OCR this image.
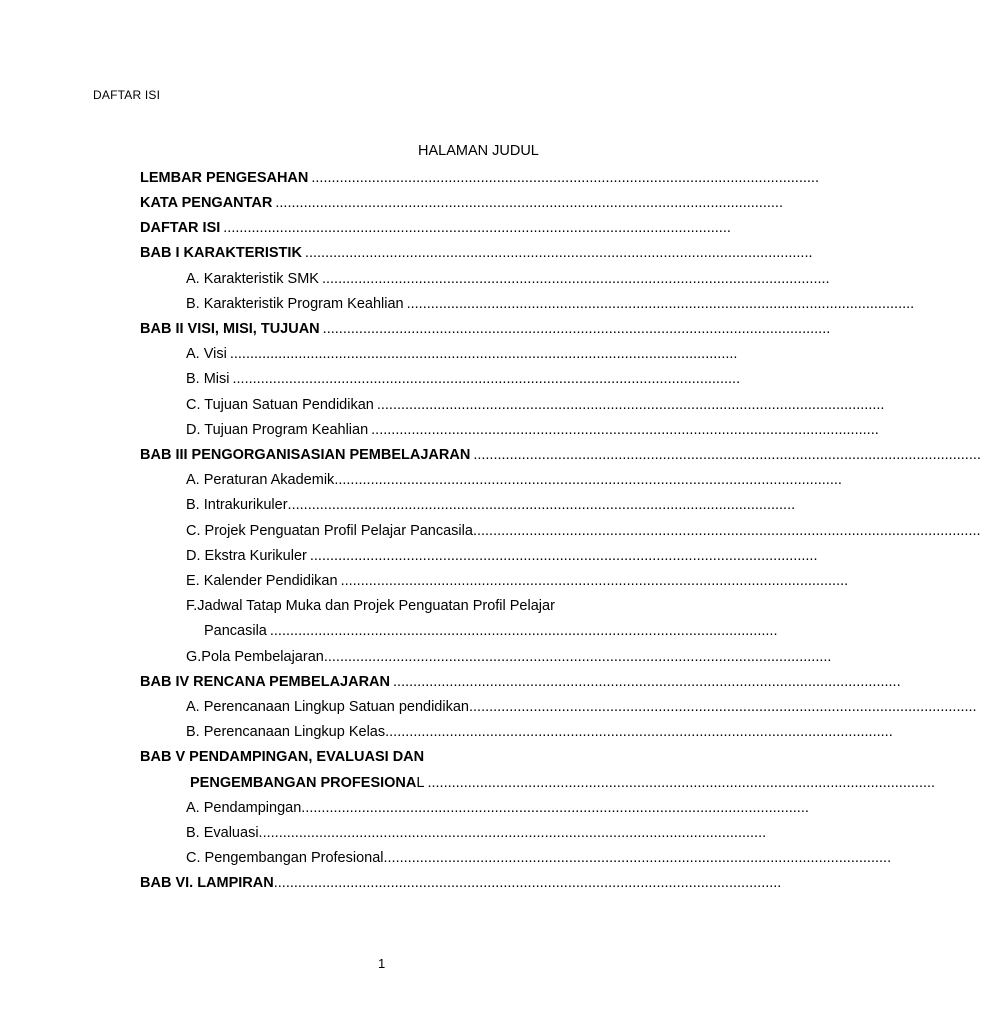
DAFTAR ISI
HALAMAN JUDUL
LEMBAR PENGESAHAN ..............................................................................................................................
KATA PENGANTAR ..............................................................................................................................
DAFTAR ISI ..............................................................................................................................
BAB I KARAKTERISTIK ..............................................................................................................................
A. Karakteristik SMK ..............................................................................................................................
B. Karakteristik Program Keahlian ..............................................................................................................................
BAB II VISI, MISI, TUJUAN ..............................................................................................................................
A. Visi ..............................................................................................................................
B. Misi ..............................................................................................................................
C. Tujuan Satuan Pendidikan ..............................................................................................................................
D. Tujuan Program Keahlian ..............................................................................................................................
BAB III PENGORGANISASIAN PEMBELAJARAN ..............................................................................................................................
A. Peraturan Akademik ..............................................................................................................................
B. Intrakurikuler ..............................................................................................................................
C. Projek Penguatan Profil Pelajar Pancasila ..............................................................................................................................
D. Ekstra Kurikuler ..............................................................................................................................
E. Kalender Pendidikan ..............................................................................................................................
F.Jadwal Tatap Muka dan Projek Penguatan Profil Pelajar
Pancasila ..............................................................................................................................
G.Pola Pembelajaran ..............................................................................................................................
BAB IV RENCANA PEMBELAJARAN ..............................................................................................................................
A. Perencanaan Lingkup Satuan pendidikan ..............................................................................................................................
B. Perencanaan Lingkup Kelas ..............................................................................................................................
BAB V PENDAMPINGAN, EVALUASI DAN
PENGEMBANGAN PROFESIONA L ..............................................................................................................................
A. Pendampingan ..............................................................................................................................
B. Evaluasi ..............................................................................................................................
C. Pengembangan Profesional ..............................................................................................................................
BAB VI. LAMPIRAN ..............................................................................................................................
1
